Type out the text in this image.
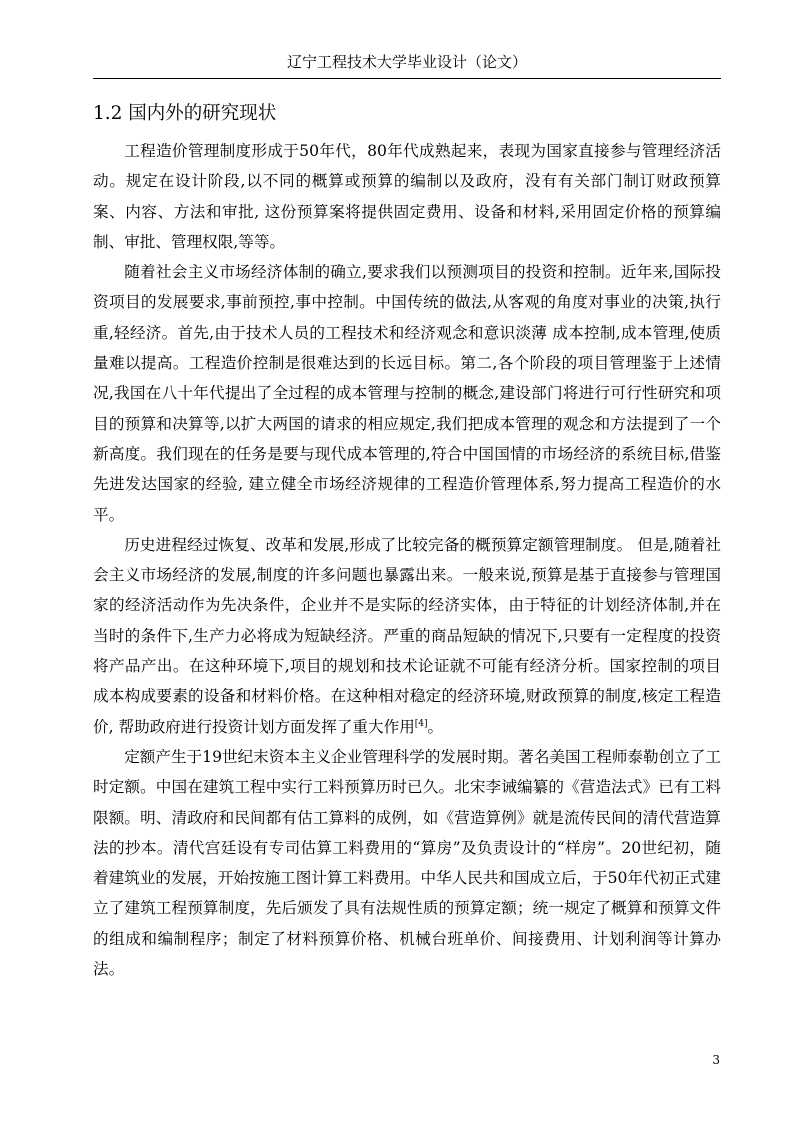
辽宁工程技术大学毕业设计（论文）
1.2 国内外的研究现状

工程造价管理制度形成于50年代，80年代成熟起来，表现为国家直接参与管理经济活动。规定在设计阶段,以不同的概算或预算的编制以及政府，没有有关部门制订财政预算案、内容、方法和审批, 这份预算案将提供固定费用、设备和材料,采用固定价格的预算编制、审批、管理权限,等等。

随着社会主义市场经济体制的确立,要求我们以预测项目的投资和控制。近年来,国际投资项目的发展要求,事前预控,事中控制。中国传统的做法,从客观的角度对事业的决策,执行重,轻经济。首先,由于技术人员的工程技术和经济观念和意识淡薄 成本控制,成本管理,使质量难以提高。工程造价控制是很难达到的长远目标。第二,各个阶段的项目管理鉴于上述情况,我国在八十年代提出了全过程的成本管理与控制的概念,建设部门将进行可行性研究和项目的预算和决算等,以扩大两国的请求的相应规定,我们把成本管理的观念和方法提到了一个新高度。我们现在的任务是要与现代成本管理的,符合中国国情的市场经济的系统目标,借鉴先进发达国家的经验, 建立健全市场经济规律的工程造价管理体系,努力提高工程造价的水平。

历史进程经过恢复、改革和发展,形成了比较完备的概预算定额管理制度。 但是,随着社会主义市场经济的发展,制度的许多问题也暴露出来。一般来说,预算是基于直接参与管理国家的经济活动作为先决条件，企业并不是实际的经济实体，由于特征的计划经济体制,并在当时的条件下,生产力必将成为短缺经济。严重的商品短缺的情况下,只要有一定程度的投资将产品产出。在这种环境下,项目的规划和技术论证就不可能有经济分析。国家控制的项目成本构成要素的设备和材料价格。在这种相对稳定的经济环境,财政预算的制度,核定工程造价, 帮助政府进行投资计划方面发挥了重大作用[4]。

定额产生于19世纪末资本主义企业管理科学的发展时期。著名美国工程师泰勒创立了工时定额。中国在建筑工程中实行工料预算历时已久。北宋李诫编纂的《营造法式》已有工料限额。明、清政府和民间都有估工算料的成例，如《营造算例》就是流传民间的清代营造算法的抄本。清代宫廷设有专司估算工料费用的“算房”及负责设计的“样房”。20世纪初，随着建筑业的发展，开始按施工图计算工料费用。中华人民共和国成立后，于50年代初正式建立了建筑工程预算制度，先后颁发了具有法规性质的预算定额；统一规定了概算和预算文件的组成和编制程序；制定了材料预算价格、机械台班单价、间接费用、计划利润等计算办法。

3
